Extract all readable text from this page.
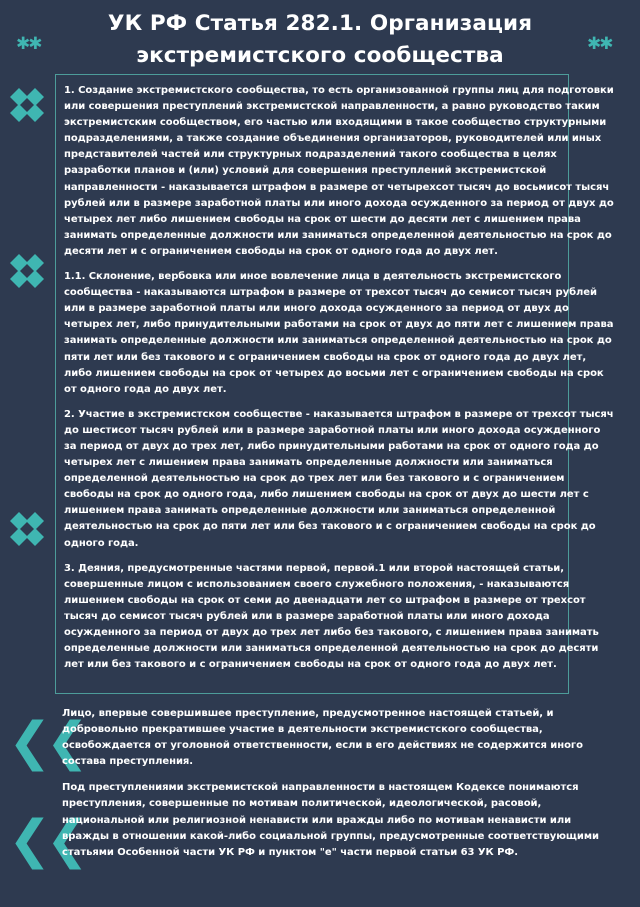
УК РФ Статья 282.1. Организация
экстремистского сообщества
✱✱	✱✱
❮❮
❮❮

1. Создание экстремистского сообщества, то есть организованной группы лиц для подготовки или совершения преступлений экстремистской направленности, а равно руководство таким экстремистским сообществом, его частью или входящими в такое сообщество структурными подразделениями, а также создание объединения организаторов, руководителей или иных представителей частей или структурных подразделений такого сообщества в целях разработки планов и (или) условий для совершения преступлений экстремистской направленности - наказывается штрафом в размере от четырехсот тысяч до восьмисот тысяч рублей или в размере заработной платы или иного дохода осужденного за период от двух до четырех лет либо лишением свободы на срок от шести до десяти лет с лишением права занимать определенные должности или заниматься определенной деятельностью на срок до десяти лет и с ограничением свободы на срок от одного года до двух лет.

1.1. Склонение, вербовка или иное вовлечение лица в деятельность экстремистского сообщества - наказываются штрафом в размере от трехсот тысяч до семисот тысяч рублей или в размере заработной платы или иного дохода осужденного за период от двух до четырех лет, либо принудительными работами на срок от двух до пяти лет с лишением права занимать определенные должности или заниматься определенной деятельностью на срок до пяти лет или без такового и с ограничением свободы на срок от одного года до двух лет, либо лишением свободы на срок от четырех до восьми лет с ограничением свободы на срок от одного года до двух лет.

2. Участие в экстремистском сообществе - наказывается штрафом в размере от трехсот тысяч до шестисот тысяч рублей или в размере заработной платы или иного дохода осужденного за период от двух до трех лет, либо принудительными работами на срок от одного года до четырех лет с лишением права занимать определенные должности или заниматься определенной деятельностью на срок до трех лет или без такового и с ограничением свободы на срок до одного года, либо лишением свободы на срок от двух до шести лет с лишением права занимать определенные должности или заниматься определенной деятельностью на срок до пяти лет или без такового и с ограничением свободы на срок до одного года.

3. Деяния, предусмотренные частями первой, первой.1 или второй настоящей статьи, совершенные лицом с использованием своего служебного положения, - наказываются лишением свободы на срок от семи до двенадцати лет со штрафом в размере от трехсот тысяч до семисот тысяч рублей или в размере заработной платы или иного дохода осужденного за период от двух до трех лет либо без такового, с лишением права занимать определенные должности или заниматься определенной деятельностью на срок до десяти лет или без такового и с ограничением свободы на срок от одного года до двух лет.

Лицо, впервые совершившее преступление, предусмотренное настоящей статьей, и добровольно прекратившее участие в деятельности экстремистского сообщества, освобождается от уголовной ответственности, если в его действиях не содержится иного состава преступления.

Под преступлениями экстремистской направленности в настоящем Кодексе понимаются преступления, совершенные по мотивам политической, идеологической, расовой, национальной или религиозной ненависти или вражды либо по мотивам ненависти или вражды в отношении какой-либо социальной группы, предусмотренные соответствующими статьями Особенной части УК РФ и пунктом "е" части первой статьи 63 УК РФ.
